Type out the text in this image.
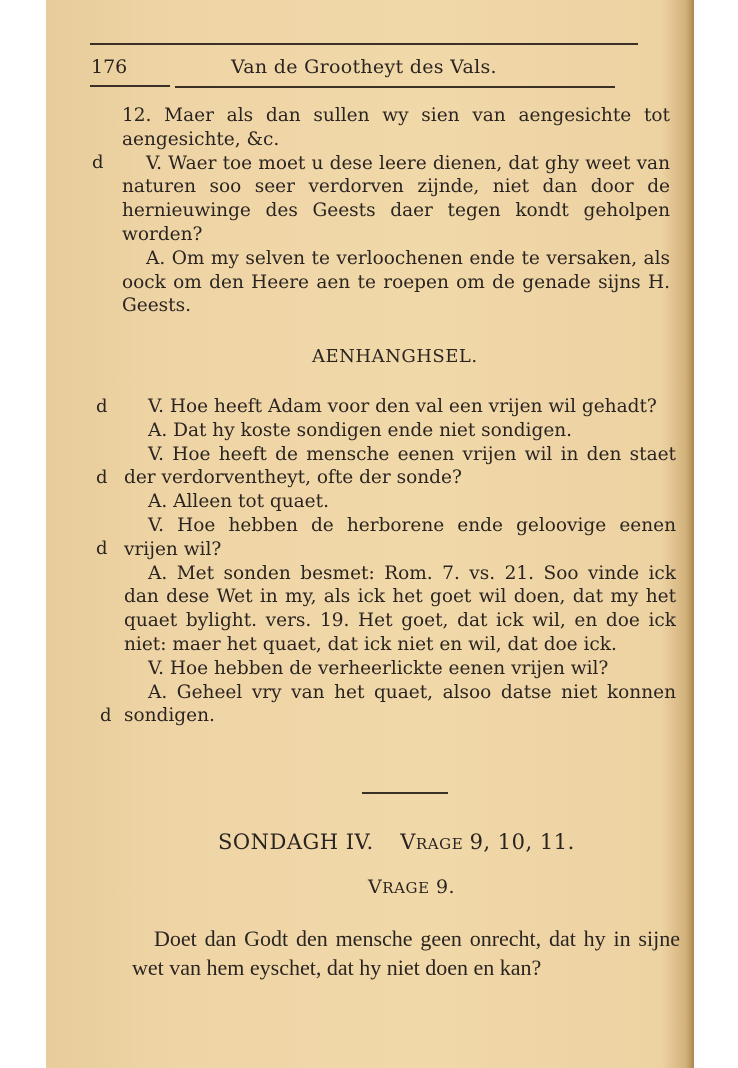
176	Van de Grootheyt des Vals.

12. Maer als dan sullen wy sien van aengesichte tot aengesichte, &c.

V. Waer toe moet u dese leere dienen, dat ghy weet van naturen soo seer verdorven zijnde, niet dan door de hernieuwinge des Geests daer tegen kondt geholpen worden?

A. Om my selven te verloochenen ende te versaken, als oock om den Heere aen te roepen om de genade sijns H. Geests.

d
AENHANGHSEL.

V. Hoe heeft Adam voor den val een vrijen wil gehadt?

A. Dat hy koste sondigen ende niet sondigen.

V. Hoe heeft de mensche eenen vrijen wil in den staet der verdorventheyt, ofte der sonde?

A. Alleen tot quaet.

V. Hoe hebben de herborene ende geloovige eenen vrijen wil?

A. Met sonden besmet: Rom. 7. vs. 21. Soo vinde ick dan dese Wet in my, als ick het goet wil doen, dat my het quaet bylight. vers. 19. Het goet, dat ick wil, en doe ick niet: maer het quaet, dat ick niet en wil, dat doe ick.

V. Hoe hebben de verheerlickte eenen vrijen wil?

A. Geheel vry van het quaet, alsoo datse niet konnen sondigen.

d
d
d
d
SONDAGH IV. VRAGE 9, 10, 11.
VRAGE 9.

Doet dan Godt den mensche geen onrecht, dat hy in sijne wet van hem eyschet, dat hy niet doen en kan?
